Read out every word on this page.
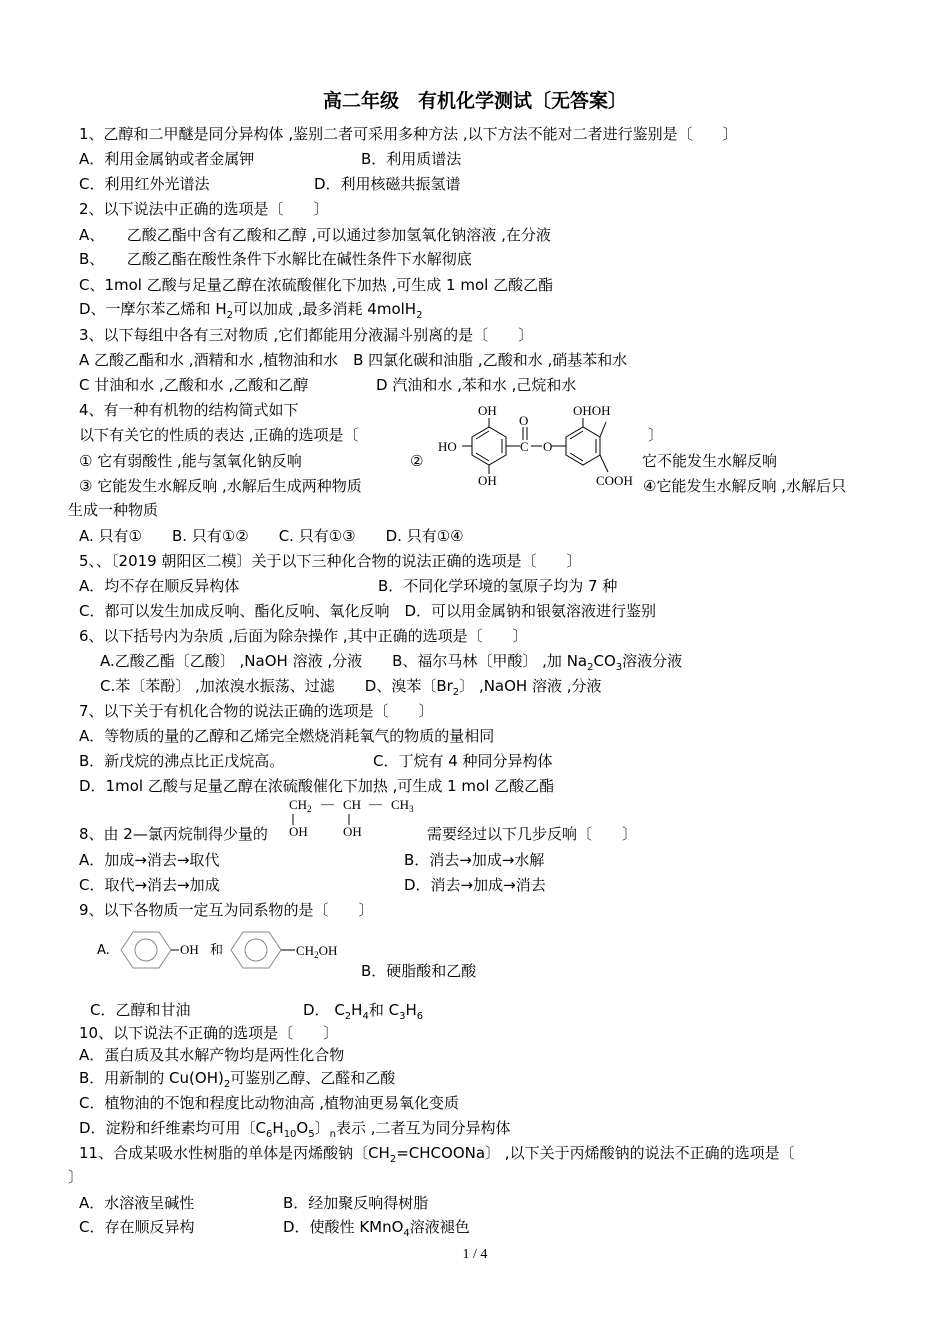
高二年级　有机化学测试〔无答案〕
1、乙醇和二甲醚是同分异构体 ,鉴别二者可采用多种方法 ,以下方法不能对二者进行鉴别是〔　　〕
A．利用金属钠或者金属钾	B．利用质谱法
C．利用红外光谱法	D．利用核磁共振氢谱
2、以下说法中正确的选项是〔　　〕
A、　　乙酸乙酯中含有乙酸和乙醇 ,可以通过参加氢氧化钠溶液 ,在分液
B、　　乙酸乙酯在酸性条件下水解比在碱性条件下水解彻底
C、1mol 乙酸与足量乙醇在浓硫酸催化下加热 ,可生成 1 mol 乙酸乙酯
D、一摩尔苯乙烯和 $H_2$可以加成 ,最多消耗 4molH$_2$
3、以下每组中各有三对物质 ,它们都能用分液漏斗别离的是〔　　〕
A 乙酸乙酯和水 ,酒精和水 ,植物油和水　B 四氯化碳和油脂 ,乙酸和水 ,硝基苯和水
C 甘油和水 ,乙酸和水 ,乙酸和乙醇	D 汽油和水 ,苯和水 ,己烷和水
4、有一种有机物的结构简式如下
以下有关它的性质的表达 ,正确的选项是〔	〕
① 它有弱酸性 ,能与氢氧化钠反响	②	它不能发生水解反响
③ 它能发生水解反响 ,水解后生成两种物质	④它能发生水解反响 ,水解后只
生成一种物质
A. 只有①　　B. 只有①②　　C. 只有①③　　D. 只有①④
OH
OH
HO
O
C O
OHOH
COOH
5、、〔2019 朝阳区二模〕关于以下三种化合物的说法正确的选项是〔　　〕
A．均不存在顺反异构体	B．不同化学环境的氢原子均为 7 种
C．都可以发生加成反响、酯化反响、氧化反响　D．可以用金属钠和银氨溶液进行鉴别
6、以下括号内为杂质 ,后面为除杂操作 ,其中正确的选项是〔　　〕
A.乙酸乙酯〔乙酸〕 ,NaOH 溶液 ,分液　　B、福尔马林〔甲酸〕 ,加 $Na_2CO_3$溶液分液
C.苯〔苯酚〕 ,加浓溴水振荡、过滤　　D、溴苯〔$Br_2$〕 ,NaOH 溶液 ,分液
7、以下关于有机化合物的说法正确的选项是〔　　〕
A．等物质的量的乙醇和乙烯完全燃烧消耗氧气的物质的量相同
B．新戊烷的沸点比正戊烷高。	C．丁烷有 4 种同分异构体
D．1mol 乙酸与足量乙醇在浓硫酸催化下加热 ,可生成 1 mol 乙酸乙酯
8、由 2—氯丙烷制得少量的
$CH_2$ — CH — $CH_3$
OH	OH	需要经过以下几步反响〔　　〕
A．加成→消去→取代	B．消去→加成→水解
C．取代→消去→加成	D．消去→加成→消去
9、以下各物质一定互为同系物的是〔　　〕
A.	OH	$CH_2OH$
和
B．硬脂酸和乙酸
C．乙醇和甘油	D． $C_2H_4$和 $C_3H_6$
10、以下说法不正确的选项是〔　　〕
A．蛋白质及其水解产物均是两性化合物
B．用新制的 $Cu(OH)_2$可鉴别乙醇、乙醛和乙酸
C．植物油的不饱和程度比动物油高 ,植物油更易氧化变质
D．淀粉和纤维素均可用〔$C_6H_{10}O_5$〕$_n$表示 ,二者互为同分异构体
11、合成某吸水性树脂的单体是丙烯酸钠〔$CH_2=CHCOONa$〕 ,以下关于丙烯酸钠的说法不正确的选项是〔
〕
A．水溶液呈碱性	B．经加聚反响得树脂
C．存在顺反异构	D．使酸性 KMnO$_4$溶液褪色
1 / 4
